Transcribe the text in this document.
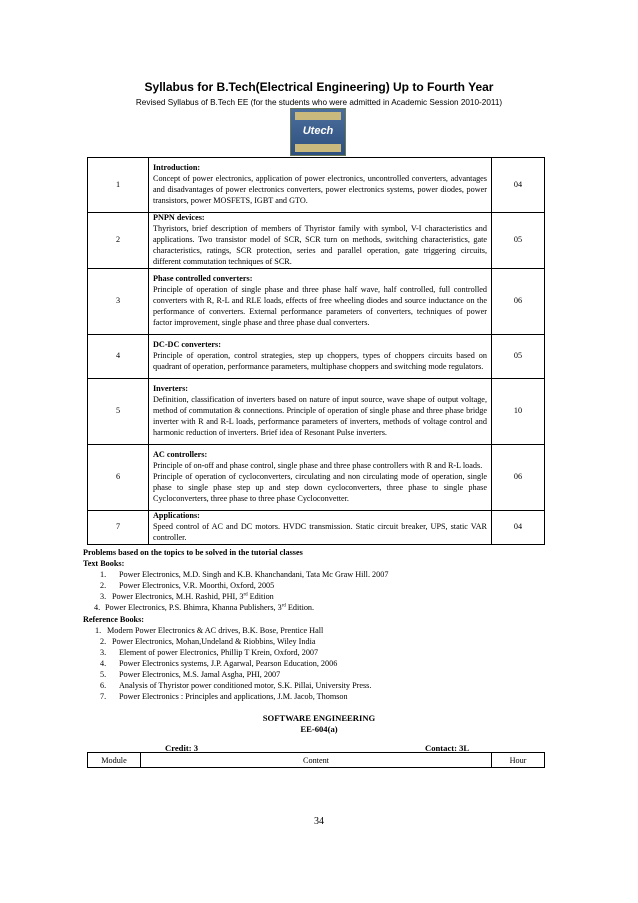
Syllabus for B.Tech(Electrical Engineering) Up to Fourth Year
Revised Syllabus of B.Tech EE (for the students who were admitted in Academic Session 2010-2011)
Utech
1	Introduction:
Concept of power electronics, application of power electronics, uncontrolled converters, advantages and disadvantages of power electronics converters, power electronics systems, power diodes, power transistors, power MOSFETS, IGBT and GTO.	04
2	PNPN devices:
Thyristors, brief description of members of Thyristor family with symbol, V-I characteristics and applications. Two transistor model of SCR, SCR turn on methods, switching characteristics, gate characteristics, ratings, SCR protection, series and parallel operation, gate triggering circuits, different commutation techniques of SCR.	05
3	Phase controlled converters:
Principle of operation of single phase and three phase half wave, half controlled, full controlled converters with R, R-L and RLE loads, effects of free wheeling diodes and source inductance on the performance of converters. External performance parameters of converters, techniques of power factor improvement, single phase and three phase dual converters.	06
4	DC-DC converters:
Principle of operation, control strategies, step up choppers, types of choppers circuits based on quadrant of operation, performance parameters, multiphase choppers and switching mode regulators.	05
5	Inverters:
Definition, classification of inverters based on nature of input source, wave shape of output voltage, method of commutation & connections. Principle of operation of single phase and three phase bridge inverter with R and R-L loads, performance parameters of inverters, methods of voltage control and harmonic reduction of inverters. Brief idea of Resonant Pulse inverters.	10
6	AC controllers:
Principle of on-off and phase control, single phase and three phase controllers with R and R-L loads.
Principle of operation of cycloconverters, circulating and non circulating mode of operation, single phase to single phase step up and step down cycloconverters, three phase to single phase Cycloconverters, three phase to three phase Cycloconvetter.	06
7	Applications:
Speed control of AC and DC motors. HVDC transmission. Static circuit breaker, UPS, static VAR controller.	04
Problems based on the topics to be solved in the tutorial classes
Text Books:
1.	Power Electronics, M.D. Singh and K.B. Khanchandani, Tata Mc Graw Hill. 2007
2.	Power Electronics, V.R. Moorthi, Oxford, 2005
3. Power Electronics, M.H. Rashid, PHI, 3rd Edition
4. Power Electronics, P.S. Bhimra, Khanna Publishers, 3rd Edition.
Reference Books:
1. Modern Power Electronics & AC drives, B.K. Bose, Prentice Hall
2. Power Electronics, Mohan,Undeland & Riobbins, Wiley India
3.	Element of power Electronics, Phillip T Krein, Oxford, 2007
4.	Power Electronics systems, J.P. Agarwal, Pearson Education, 2006
5.	Power Electronics, M.S. Jamal Asgha, PHI, 2007
6.	Analysis of Thyristor power conditioned motor, S.K. Pillai, University Press.
7.	Power Electronics : Principles and applications, J.M. Jacob, Thomson
SOFTWARE ENGINEERING
EE-604(a)
Credit: 3	Contact: 3L
Module	Content	Hour
34
